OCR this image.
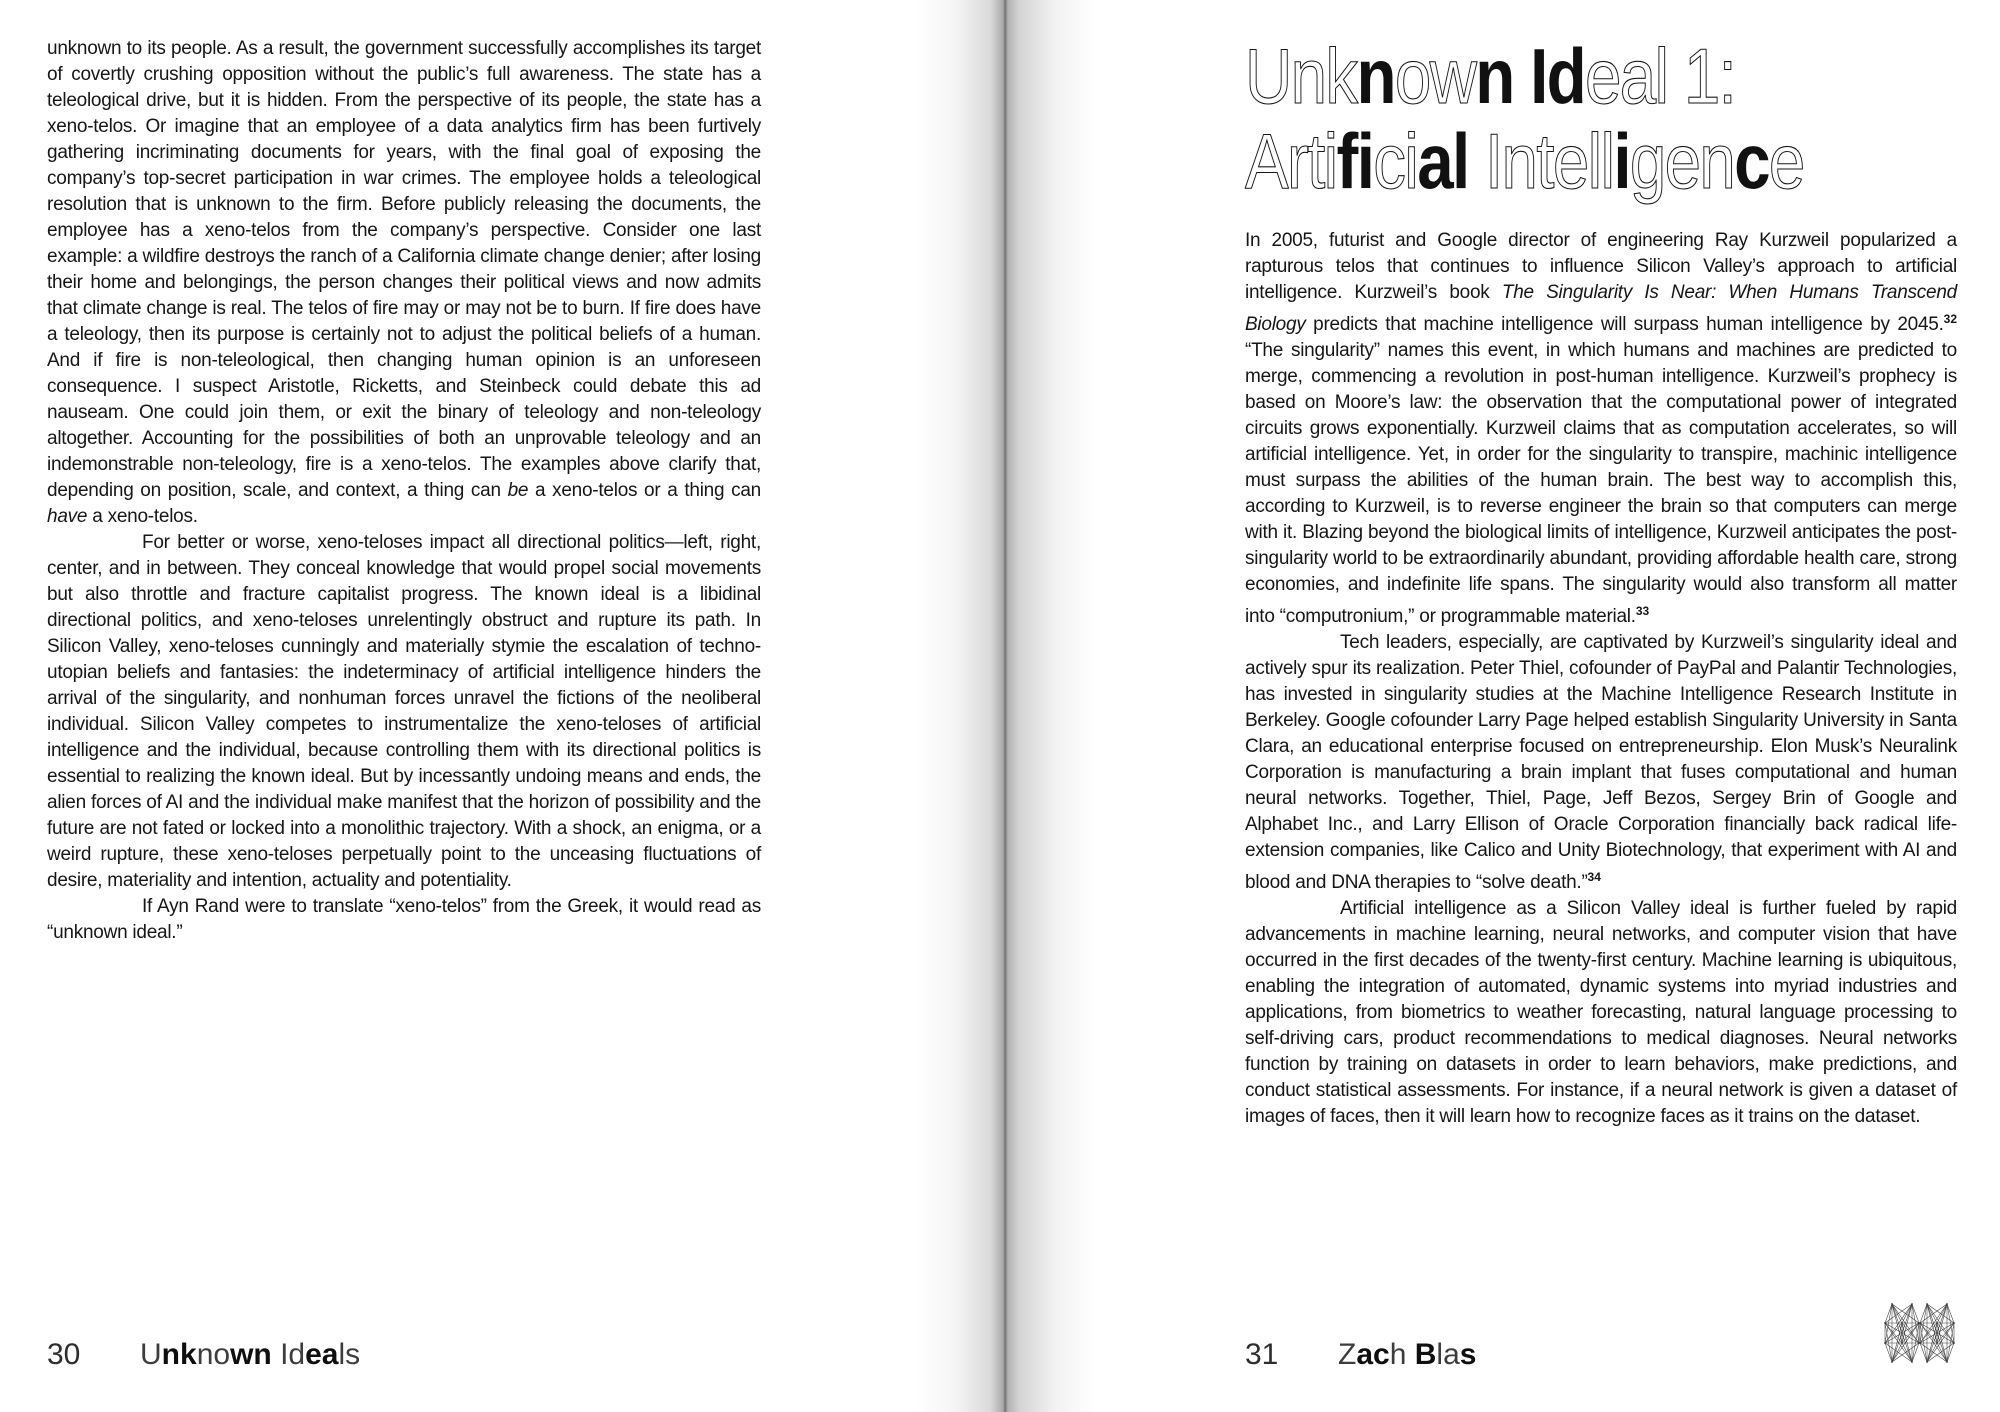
unknown to its people. As a result, the government successfully accomplishes its target of covertly crushing opposition without the public’s full awareness. The state has a teleological drive, but it is hidden. From the perspective of its people, the state has a xeno-telos. Or imagine that an employee of a data analytics firm has been furtively gathering incriminating documents for years, with the final goal of exposing the company’s top-secret participation in war crimes. The employee holds a teleological resolution that is unknown to the firm. Before publicly releasing the documents, the employee has a xeno-telos from the company’s perspective. Consider one last example: a wildfire destroys the ranch of a California climate change denier; after losing their home and belongings, the person changes their political views and now admits that climate change is real. The telos of fire may or may not be to burn. If fire does have a teleology, then its purpose is certainly not to adjust the political beliefs of a human. And if fire is non-teleological, then changing human opinion is an unforeseen consequence. I suspect Aristotle, Ricketts, and Steinbeck could debate this ad nauseam. One could join them, or exit the binary of teleology and non-teleology altogether. Accounting for the possibilities of both an unprovable teleology and an indemonstrable non-teleology, fire is a xeno-telos. The examples above clarify that, depending on position, scale, and context, a thing can be a xeno-telos or a thing can have a xeno-telos.

For better or worse, xeno-teloses impact all directional politics—left, right, center, and in between. They conceal knowledge that would propel social movements but also throttle and fracture capitalist progress. The known ideal is a libidinal directional politics, and xeno-teloses unrelentingly obstruct and rupture its path. In Silicon Valley, xeno-teloses cunningly and materially stymie the escalation of techno-utopian beliefs and fantasies: the indeterminacy of artificial intelligence hinders the arrival of the singularity, and nonhuman forces unravel the fictions of the neoliberal individual. Silicon Valley competes to instrumentalize the xeno-teloses of artificial intelligence and the individual, because controlling them with its directional politics is essential to realizing the known ideal. But by incessantly undoing means and ends, the alien forces of AI and the individual make manifest that the horizon of possibility and the future are not fated or locked into a monolithic trajectory. With a shock, an enigma, or a weird rupture, these xeno-teloses perpetually point to the unceasing fluctuations of desire, materiality and intention, actuality and potentiality.

If Ayn Rand were to translate “xeno-telos” from the Greek, it would read as “unknown ideal.”

30 Unknown Ideals
Unknown Ideal 1:
Artificial Intelligence

In 2005, futurist and Google director of engineering Ray Kurzweil popularized a rapturous telos that continues to influence Silicon Valley’s approach to artificial intelligence. Kurzweil’s book The Singularity Is Near: When Humans Transcend Biology predicts that machine intelligence will surpass human intelligence by 2045.32 “The singularity” names this event, in which humans and machines are predicted to merge, commencing a revolution in post-human intelligence. Kurzweil’s prophecy is based on Moore’s law: the observation that the computational power of integrated circuits grows exponentially. Kurzweil claims that as computation accelerates, so will artificial intelligence. Yet, in order for the singularity to transpire, machinic intelligence must surpass the abilities of the human brain. The best way to accomplish this, according to Kurzweil, is to reverse engineer the brain so that computers can merge with it. Blazing beyond the biological limits of intelligence, Kurzweil anticipates the post-singularity world to be extraordinarily abundant, providing affordable health care, strong economies, and indefinite life spans. The singularity would also transform all matter into “computronium,” or programmable material.$^{33}$

Tech leaders, especially, are captivated by Kurzweil’s singularity ideal and actively spur its realization. Peter Thiel, cofounder of PayPal and Palantir Technologies, has invested in singularity studies at the Machine Intelligence Research Institute in Berkeley. Google cofounder Larry Page helped establish Singularity University in Santa Clara, an educational enterprise focused on entrepreneurship. Elon Musk’s Neuralink Corporation is manufacturing a brain implant that fuses computational and human neural networks. Together, Thiel, Page, Jeff Bezos, Sergey Brin of Google and Alphabet Inc., and Larry Ellison of Oracle Corporation financially back radical life-extension companies, like Calico and Unity Biotechnology, that experiment with AI and blood and DNA therapies to “solve death.”$^{34}$

Artificial intelligence as a Silicon Valley ideal is further fueled by rapid advancements in machine learning, neural networks, and computer vision that have occurred in the first decades of the twenty-first century. Machine learning is ubiquitous, enabling the integration of automated, dynamic systems into myriad industries and applications, from biometrics to weather forecasting, natural language processing to self-driving cars, product recommendations to medical diagnoses. Neural networks function by training on datasets in order to learn behaviors, make predictions, and conduct statistical assessments. For instance, if a neural network is given a dataset of images of faces, then it will learn how to recognize faces as it trains on the dataset.

31 Zach Blas
